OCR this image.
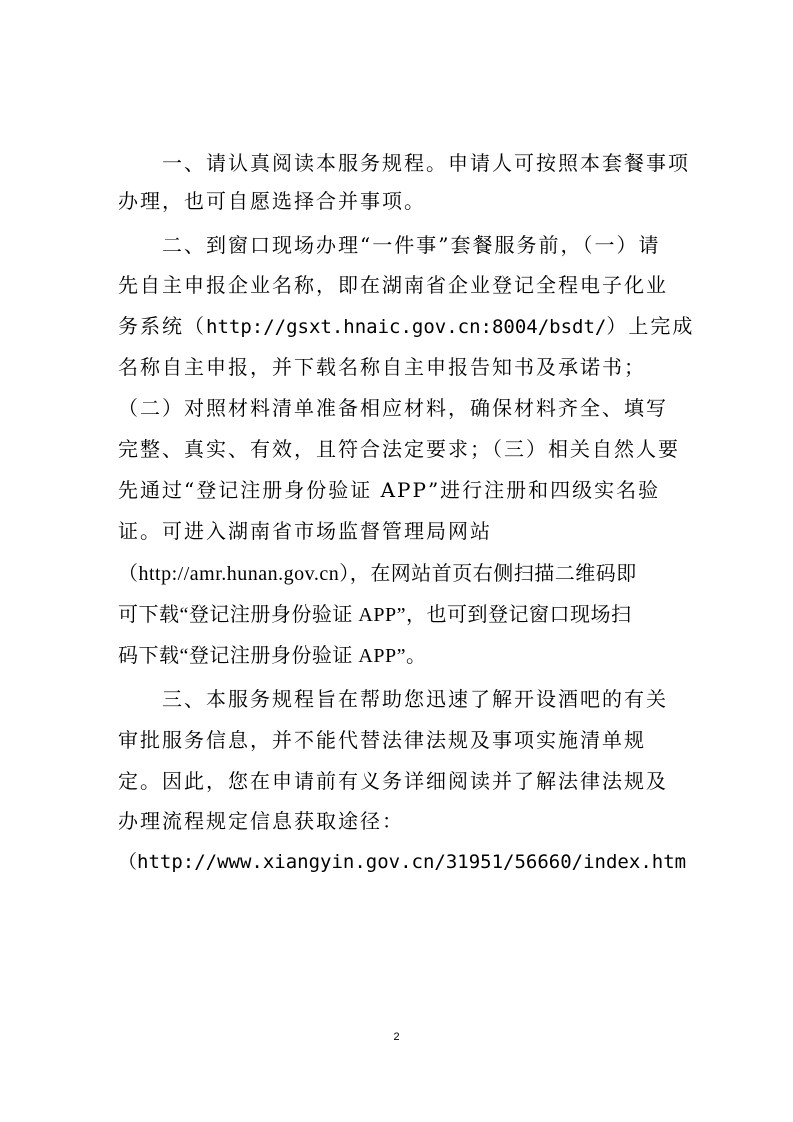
一、请认真阅读本服务规程。申请人可按照本套餐事项
办理，也可自愿选择合并事项。
二、到窗口现场办理“一件事”套餐服务前，（一）请
先自主申报企业名称，即在湖南省企业登记全程电子化业
务系统（http://gsxt.hnaic.gov.cn:8004/bsdt/）上完成
名称自主申报，并下载名称自主申报告知书及承诺书；
（二）对照材料清单准备相应材料，确保材料齐全、填写
完整、真实、有效，且符合法定要求；（三）相关自然人要
先通过“登记注册身份验证 APP”进行注册和四级实名验
证。可进入湖南省市场监督管理局网站
（http://amr.hunan.gov.cn），在网站首页右侧扫描二维码即
可下载“登记注册身份验证 APP”，也可到登记窗口现场扫
码下载“登记注册身份验证 APP”。
三、本服务规程旨在帮助您迅速了解开设酒吧的有关
审批服务信息，并不能代替法律法规及事项实施清单规
定。因此，您在申请前有义务详细阅读并了解法律法规及
办理流程规定信息获取途径：
（http://www.xiangyin.gov.cn/31951/56660/index.htm
2
